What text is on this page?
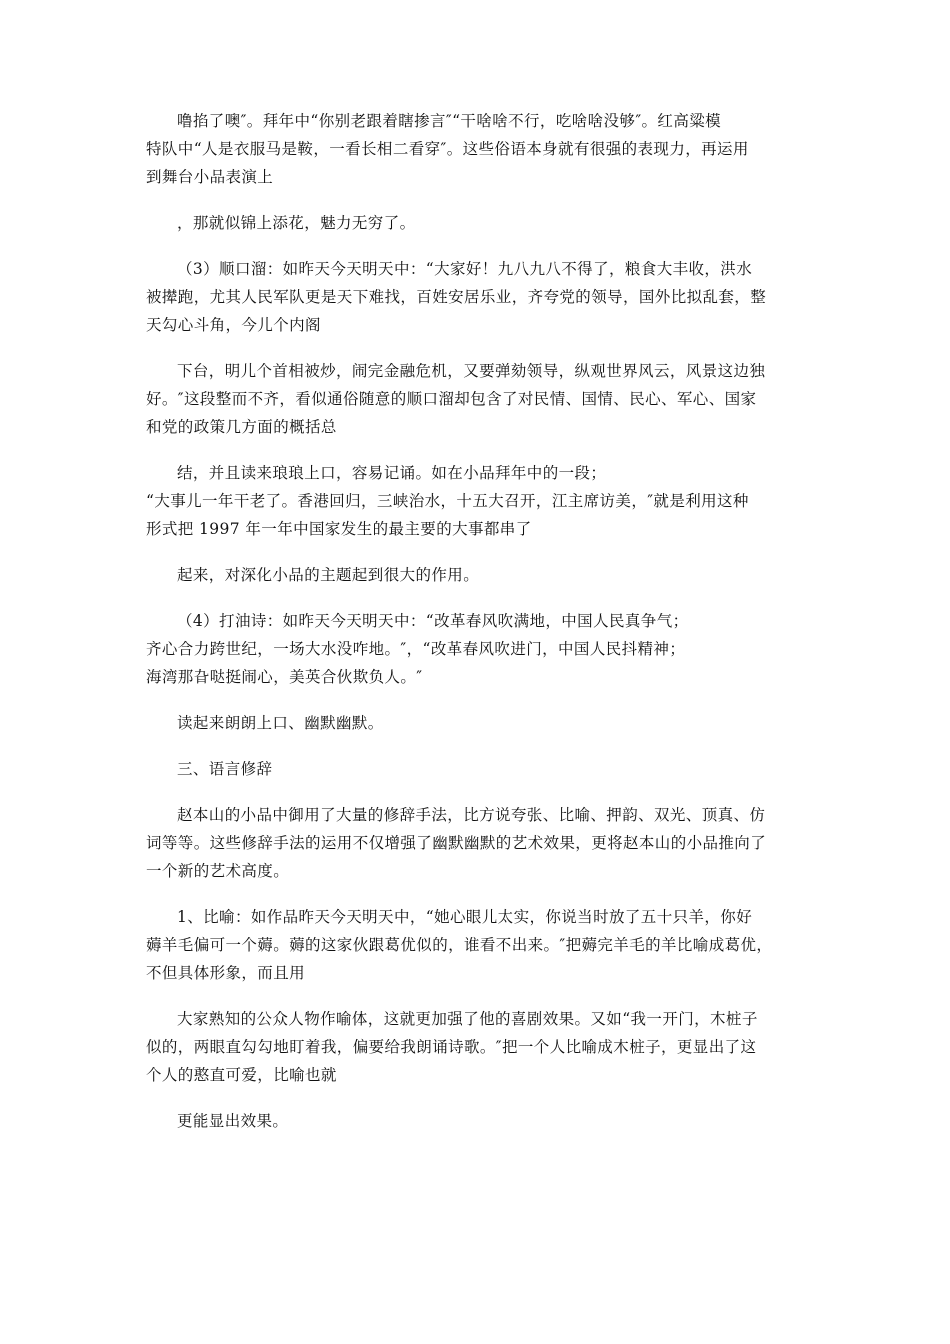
噜掐了噢″。拜年中“你别老跟着瞎掺言″“干啥啥不行，吃啥啥没够″。红高粱模
特队中“人是衣服马是鞍，一看长相二看穿″。这些俗语本身就有很强的表现力，再运用
到舞台小品表演上
，那就似锦上添花，魅力无穷了。
（3）顺口溜：如昨天今天明天中：“大家好！九八九八不得了，粮食大丰收，洪水
被撵跑，尤其人民军队更是天下难找，百姓安居乐业，齐夸党的领导，国外比拟乱套，整
天勾心斗角，今儿个内阁
下台，明儿个首相被炒，闹完金融危机，又要弹劾领导，纵观世界风云，风景这边独
好。″这段整而不齐，看似通俗随意的顺口溜却包含了对民情、国情、民心、军心、国家
和党的政策几方面的概括总
结，并且读来琅琅上口，容易记诵。如在小品拜年中的一段；
“大事儿一年干老了。香港回归，三峡治水，十五大召开，江主席访美，″就是利用这种
形式把 1997 年一年中国家发生的最主要的大事都串了
起来，对深化小品的主题起到很大的作用。
（4）打油诗：如昨天今天明天中：“改革春风吹满地，中国人民真争气；
齐心合力跨世纪，一场大水没咋地。″，“改革春风吹进门，中国人民抖精神；
海湾那旮哒挺闹心，美英合伙欺负人。″
读起来朗朗上口、幽默幽默。
三、语言修辞
赵本山的小品中御用了大量的修辞手法，比方说夸张、比喻、押韵、双光、顶真、仿
词等等。这些修辞手法的运用不仅增强了幽默幽默的艺术效果，更将赵本山的小品推向了
一个新的艺术高度。
1、比喻：如作品昨天今天明天中，“她心眼儿太实，你说当时放了五十只羊，你好
薅羊毛偏可一个薅。薅的这家伙跟葛优似的，谁看不出来。″把薅完羊毛的羊比喻成葛优，
不但具体形象，而且用
大家熟知的公众人物作喻体，这就更加强了他的喜剧效果。又如“我一开门，木桩子
似的，两眼直勾勾地盯着我，偏要给我朗诵诗歌。″把一个人比喻成木桩子，更显出了这
个人的憨直可爱，比喻也就
更能显出效果。
